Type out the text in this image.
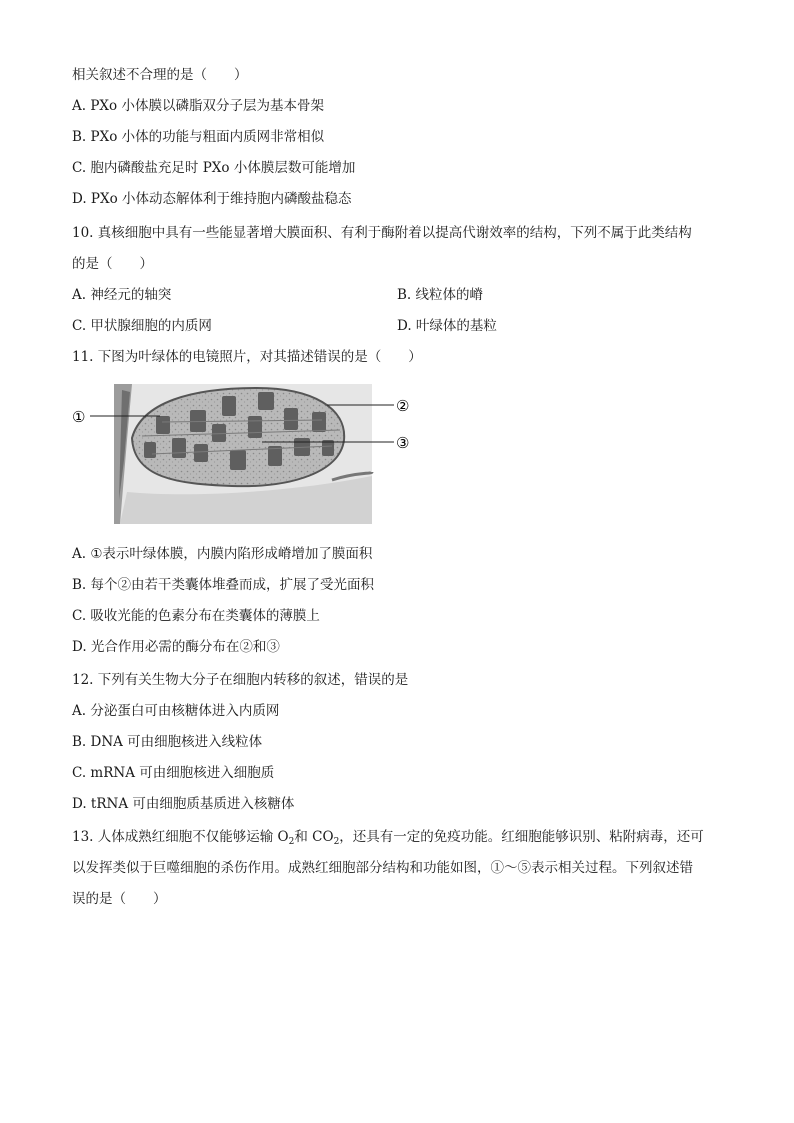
相关叙述不合理的是（　　）
A. PXo 小体膜以磷脂双分子层为基本骨架
B. PXo 小体的功能与粗面内质网非常相似
C. 胞内磷酸盐充足时 PXo 小体膜层数可能增加
D. PXo 小体动态解体利于维持胞内磷酸盐稳态
10. 真核细胞中具有一些能显著增大膜面积、有利于酶附着以提高代谢效率的结构，下列不属于此类结构
的是（　　）
A. 神经元的轴突	B. 线粒体的嵴
C. 甲状腺细胞的内质网	D. 叶绿体的基粒
11. 下图为叶绿体的电镜照片，对其描述错误的是（　　）
①
②
③
A. ①表示叶绿体膜，内膜内陷形成嵴增加了膜面积
B. 每个②由若干类囊体堆叠而成，扩展了受光面积
C. 吸收光能的色素分布在类囊体的薄膜上
D. 光合作用必需的酶分布在②和③
12. 下列有关生物大分子在细胞内转移的叙述，错误的是
A. 分泌蛋白可由核糖体进入内质网
B. DNA 可由细胞核进入线粒体
C. mRNA 可由细胞核进入细胞质
D. tRNA 可由细胞质基质进入核糖体
13. 人体成熟红细胞不仅能够运输 $O_2$和 $CO_2$，还具有一定的免疫功能。红细胞能够识别、粘附病毒，还可
以发挥类似于巨噬细胞的杀伤作用。成熟红细胞部分结构和功能如图，①～⑤表示相关过程。下列叙述错
误的是（　　）
